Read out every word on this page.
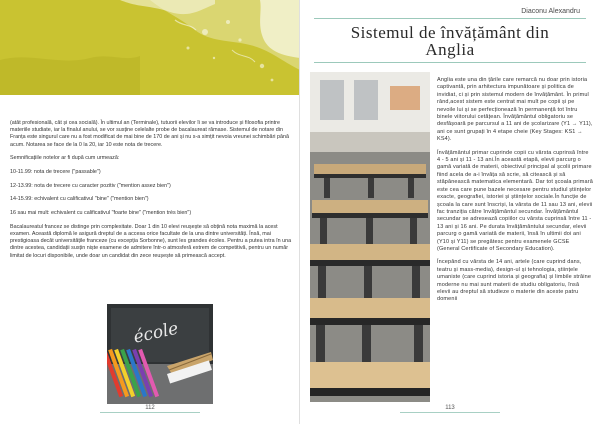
(atât profesională, cât și cea socială). În ultimul an (Terminale), tutuorii elevilor îi se va introduce și filosofia printre materiile studiate, iar la finalul anului, se vor susține celelalte probe de bacalaureat rămase. Sistemul de notare din Franța este singurul care nu a fost modificat de mai bine de 170 de ani și nu s-a simțit nevoia vreunei schimbări până acum. Notarea se face de la 0 la 20, iar 10 este nota de trecere.

Semnificațiile notelor ar fi după cum urmează:

10-11.99: nota de trecere ("passable")

12-13.99: nota de trecere cu caracter pozitiv ("mention assez bien")

14-15.99: echivalent cu calificativul "bine" ("mention bien")

16 sau mai mult: echivalent cu calificativul "foarte bine" ("mention très bien")

Bacalaureatul francez se distinge prin complexitate. Doar 1 din 10 elevi reușește să obțină nota maximă la acest examen. Această diplomă le asigură dreptul de a accesa orice facultate de la una dintre universități. Însă, mai prestigioasa decât universitățile franceze (cu excepția Sorbonne), sunt les grandes écoles. Pentru a putea intra în una dintre acestea, candidații susțin niște examene de admitere într-o atmosferă extrem de competitivă, pentru un număr limitat de locuri disponibile, unde doar un candidat din zece reușește să primească accept.

école
112
Diaconu Alexandru
Sistemul de învățământ din
Anglia

Anglia este una din țările care remarcă nu doar prin istoria captivantă, prin arhitectura impunătoare și politica de invidiat, ci și prin sistemul modern de învățământ. În primul rând,acest sistem este centrat mai mult pe copii și pe nevoile lui și se perfecționează în permanență tot întru binele viitorului cetățean. Învățământul obligatoriu se desfășoară pe parcursul a 11 ani de școlarizare (Y1 → Y11), ani ce sunt grupați în 4 etape cheie (Key Stages: KS1 → KS4).

Învățământul primar cuprinde copii cu vârsta cuprinsă între 4 - 5 ani și 11 - 13 ani.În această etapă, elevii parcurg o gamă variată de materii, obiectivul principal al școlii primare fiind acela de a-i învăța să scrie, să citească și să stăpânească matematica elementară. Dar tot școala primară este cea care pune bazele necesare pentru studiul științelor exacte, geografiei, istoriei și științelor sociale.În funcție de școala la care sunt înscriși, la vârsta de 11 sau 13 ani, elevii fac tranziția către învățământul secundar. Învățământul secundar se adresează copiilor cu vârsta cuprinsă între 11 - 13 ani și 16 ani. Pe durata învățământului secundar, elevii parcurg o gamă variată de materii, însă în ultimii doi ani (Y10 și Y11) se pregătesc pentru examenele GCSE (General Certificate of Secondary Education).

Începând cu vârsta de 14 ani, artele (care cuprind dans, teatru și mass-media), design-ul și tehnologia, științele umaniste (care cuprind istoria și geografia) și limbile străine moderne nu mai sunt materii de studiu obligatoriu, însă elevii au dreptul să studieze o materie din aceste patru domenii

113
